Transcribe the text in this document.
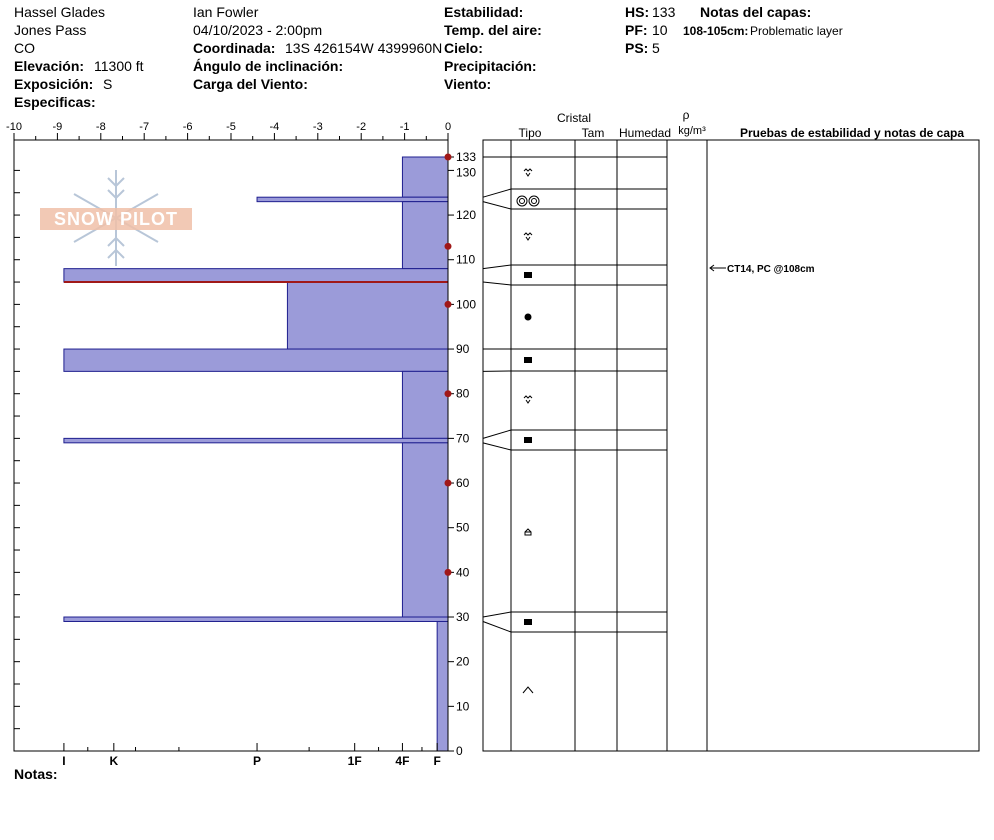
Hassel Glades
Jones Pass
CO
Elevación: 11300 ft
Exposición: S
Especificas:
Ian Fowler
04/10/2023 - 2:00pm
Coordinada: 13S 426154W 4399960N
Ángulo de inclinación:
Carga del Viento:
Estabilidad:
Temp. del aire:
Cielo:
Precipitación:
Viento:
HS: 133
PF: 10
PS: 5
Notas del capas:
108-105cm: Problematic layer
-10	-9	-8	-7	-6	-5	-4	-3	-2	-1	0
133
130
120
110
100
90
80
70
60
50
40
30
20
10
0
I	K	P	1F	4F F
SNOW PILOT
Cristal
Tipo	Tam Humedad
ρ
kg/m³	Pruebas de estabilidad y notas de capa
CT14, PC @108cm
Notas:
